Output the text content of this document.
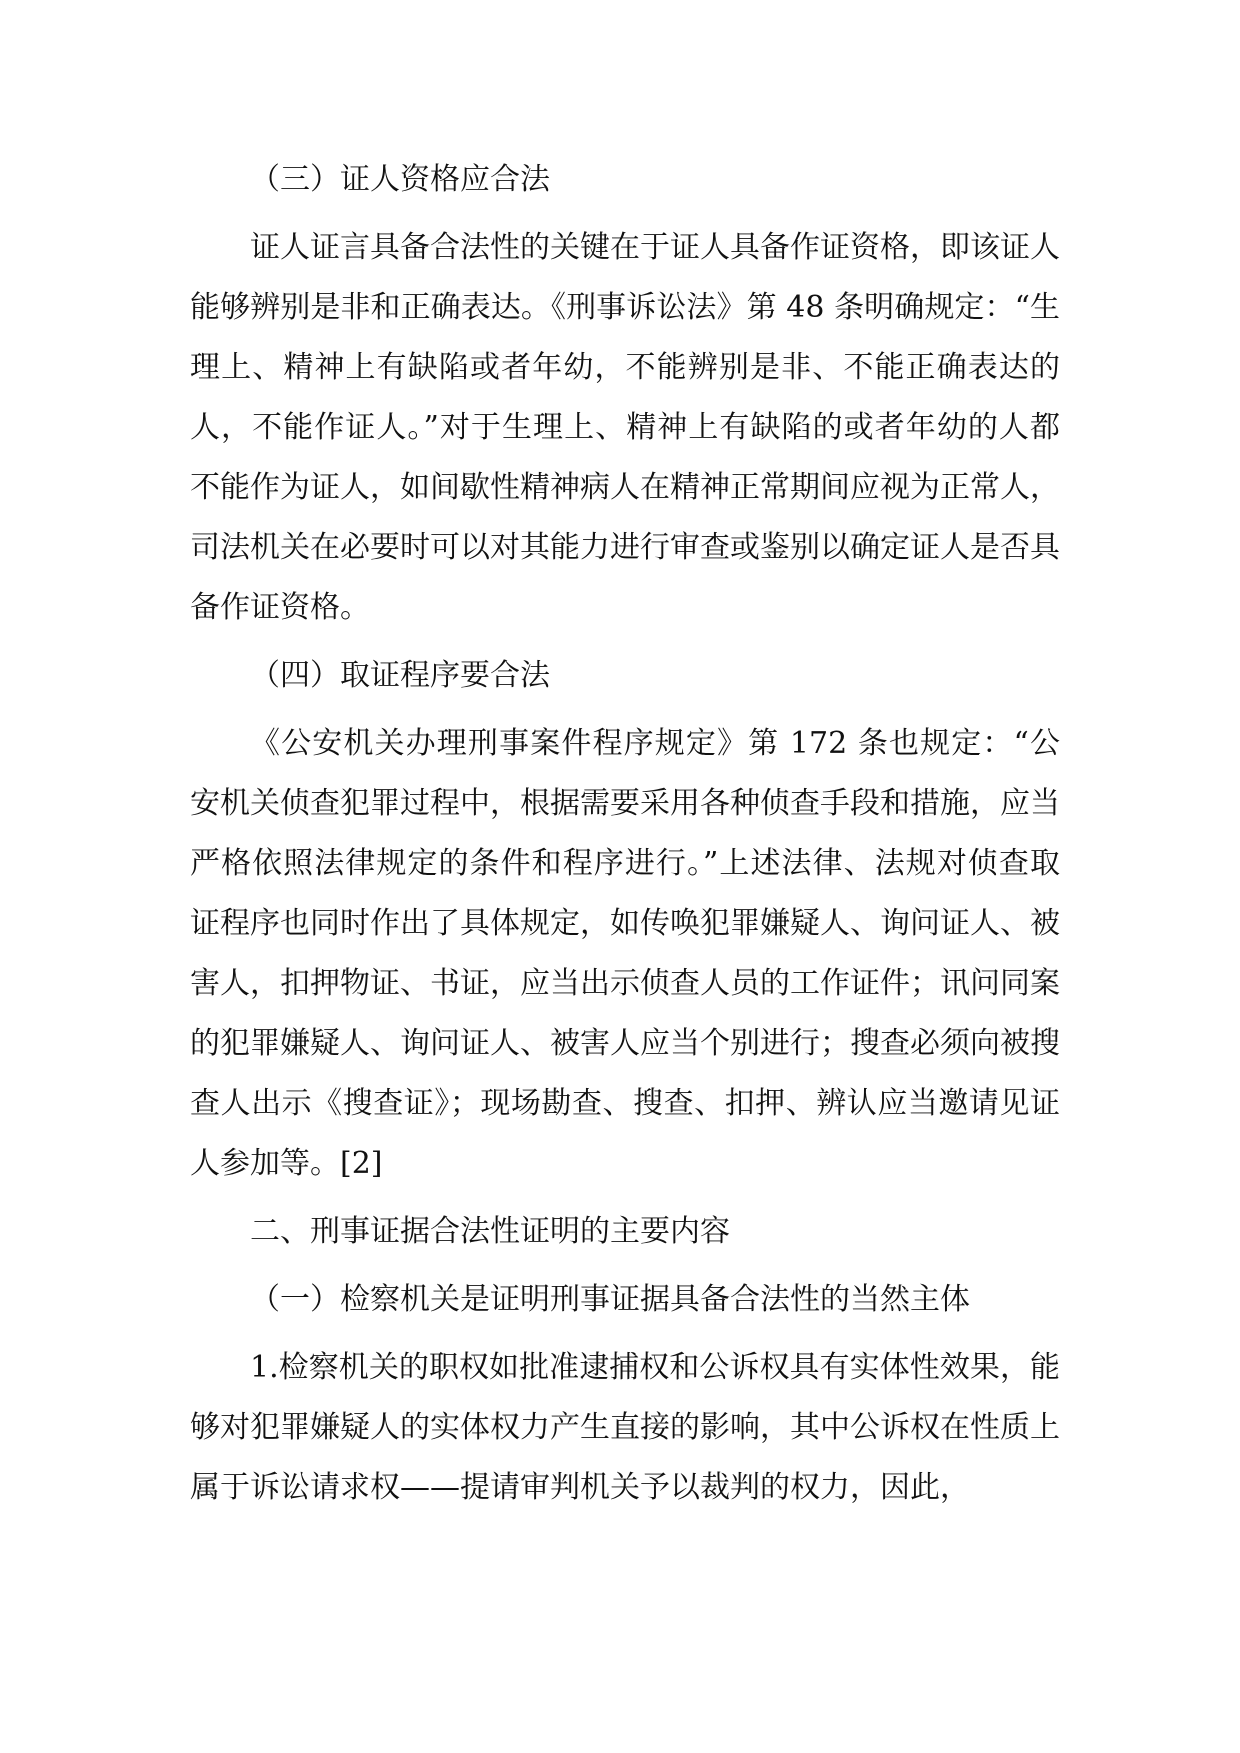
（三）证人资格应合法
证人证言具备合法性的关键在于证人具备作证资格，即该证人能够辨别是非和正确表达。《刑事诉讼法》第 48 条明确规定：“生理上、精神上有缺陷或者年幼，不能辨别是非、不能正确表达的人，不能作证人。”对于生理上、精神上有缺陷的或者年幼的人都不能作为证人，如间歇性精神病人在精神正常期间应视为正常人，司法机关在必要时可以对其能力进行审查或鉴别以确定证人是否具备作证资格。
（四）取证程序要合法
《公安机关办理刑事案件程序规定》第 172 条也规定：“公安机关侦查犯罪过程中，根据需要采用各种侦查手段和措施，应当严格依照法律规定的条件和程序进行。”上述法律、法规对侦查取证程序也同时作出了具体规定，如传唤犯罪嫌疑人、询问证人、被害人，扣押物证、书证，应当出示侦查人员的工作证件；讯问同案的犯罪嫌疑人、询问证人、被害人应当个别进行；搜查必须向被搜查人出示《搜查证》；现场勘查、搜查、扣押、辨认应当邀请见证人参加等。[2]
二、刑事证据合法性证明的主要内容
（一）检察机关是证明刑事证据具备合法性的当然主体
1.检察机关的职权如批准逮捕权和公诉权具有实体性效果，能够对犯罪嫌疑人的实体权力产生直接的影响，其中公诉权在性质上属于诉讼请求权——提请审判机关予以裁判的权力，因此，
